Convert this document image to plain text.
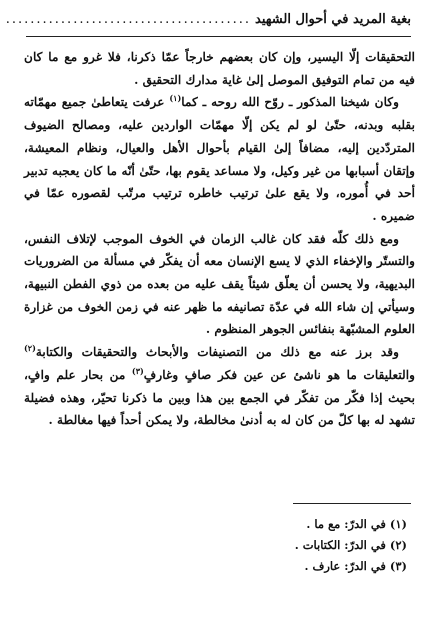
بغية المريد في أحوال الشهيد
........................................

التحقيقات إلّا اليسير، وإن كان بعضهم خارجاً عمّا ذكرنا، فلا غرو مع ما كان فيه من تمام التوفيق الموصل إلىٰ غاية مدارك التحقيق .

وكان شيخنا المذكور ـ روّح الله روحه ـ كما$^{(١)}$ عرفت يتعاطىٰ جميع مهمّاته بقلبه وبدنه، حتّىٰ لو لم يكن إلّا مهمّات الواردين عليه، ومصالح الضيوف المتردّدين إليه، مضافاً إلىٰ القيام بأحوال الأهل والعيال، ونظام المعيشة، وإتقان أسبابها من غير وكيل، ولا مساعد يقوم بها، حتّىٰ أنّه ما كان يعجبه تدبير أحد في أُموره، ولا يقع علىٰ ترتيب خاطره ترتيب مرتّب لقصوره عمّا في ضميره .

ومع ذلك كلّه فقد كان غالب الزمان في الخوف الموجب لإتلاف النفس، والتستّر والإخفاء الذي لا يسع الإنسان معه أن يفكّر في مسألة من الضروريات البديهية، ولا يحسن أن يعلّق شيئاً يقف عليه من بعده من ذوي الفطن النبيهة، وسيأتي إن شاء الله في عدّة تصانيفه ما ظهر عنه في زمن الخوف من غزارة العلوم المشبّهة بنفائس الجوهر المنظوم .

وقد برز عنه مع ذلك من التصنيفات والأبحاث والتحقيقات والكتابة$^{(٢)}$ والتعليقات ما هو ناشئ عن عين فكر صافٍ وغارفٍ$^{(٣)}$ من بحار علم وافٍ، بحيث إذا فكّر من تفكّر في الجمع بين هذا وبين ما ذكرنا تحيّر، وهذه فضيلة تشهد له بها كلّ من كان له به أدنىٰ مخالطة، ولا يمكن أحداً فيها مغالطة .

(١) في الدرّ: مع ما .
(٢) في الدرّ: الكتابات .
(٣) في الدرّ: عارف .
